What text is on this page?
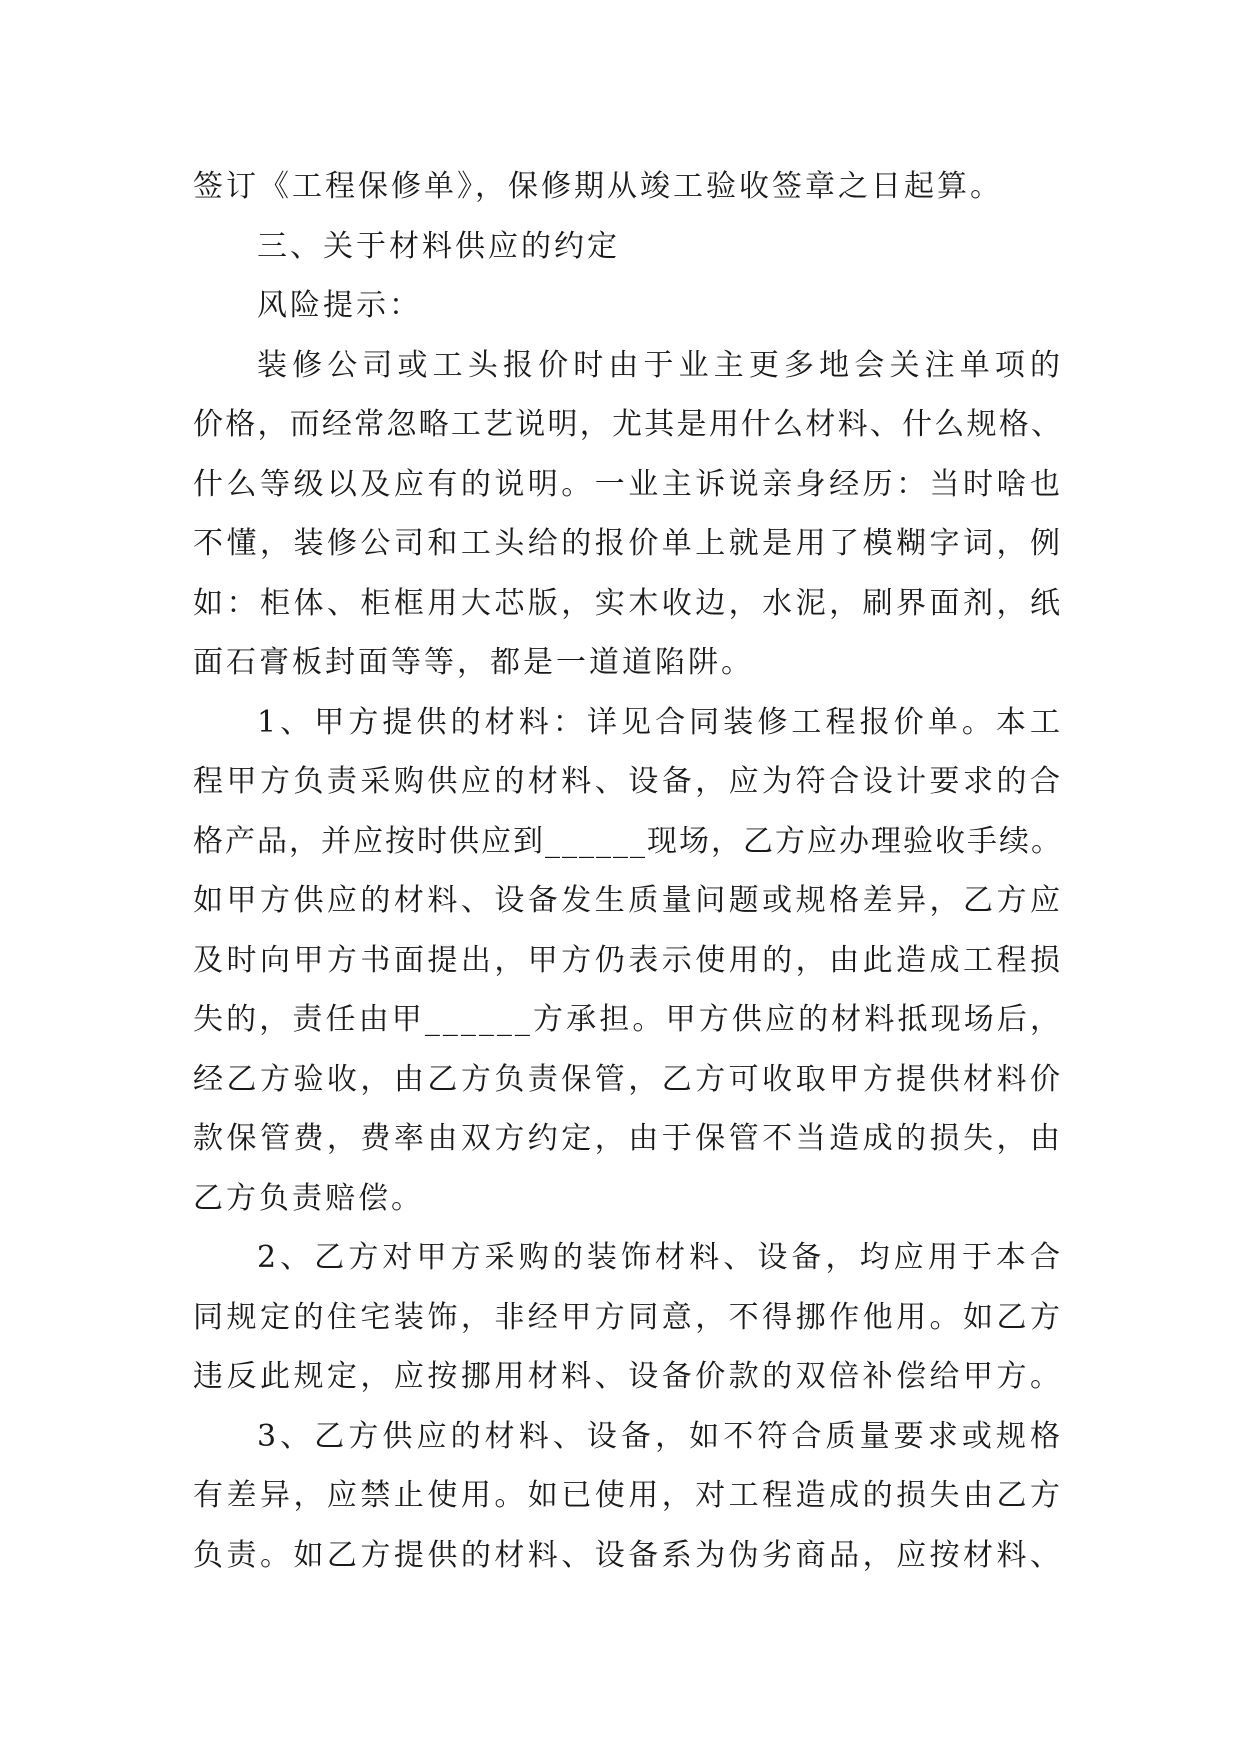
签订《工程保修单》，保修期从竣工验收签章之日起算。
三、关于材料供应的约定
风险提示：
装修公司或工头报价时由于业主更多地会关注单项的
价格，而经常忽略工艺说明，尤其是用什么材料、什么规格、
什么等级以及应有的说明。一业主诉说亲身经历：当时啥也
不懂，装修公司和工头给的报价单上就是用了模糊字词，例
如：柜体、柜框用大芯版，实木收边，水泥，刷界面剂，纸
面石膏板封面等等，都是一道道陷阱。
1、甲方提供的材料：详见合同装修工程报价单。本工
程甲方负责采购供应的材料、设备，应为符合设计要求的合
格产品，并应按时供应到______现场，乙方应办理验收手续。
如甲方供应的材料、设备发生质量问题或规格差异，乙方应
及时向甲方书面提出，甲方仍表示使用的，由此造成工程损
失的，责任由甲______方承担。甲方供应的材料抵现场后，
经乙方验收，由乙方负责保管，乙方可收取甲方提供材料价
款保管费，费率由双方约定，由于保管不当造成的损失，由
乙方负责赔偿。
2、乙方对甲方采购的装饰材料、设备，均应用于本合
同规定的住宅装饰，非经甲方同意，不得挪作他用。如乙方
违反此规定，应按挪用材料、设备价款的双倍补偿给甲方。
3、乙方供应的材料、设备，如不符合质量要求或规格
有差异，应禁止使用。如已使用，对工程造成的损失由乙方
负责。如乙方提供的材料、设备系为伪劣商品，应按材料、
